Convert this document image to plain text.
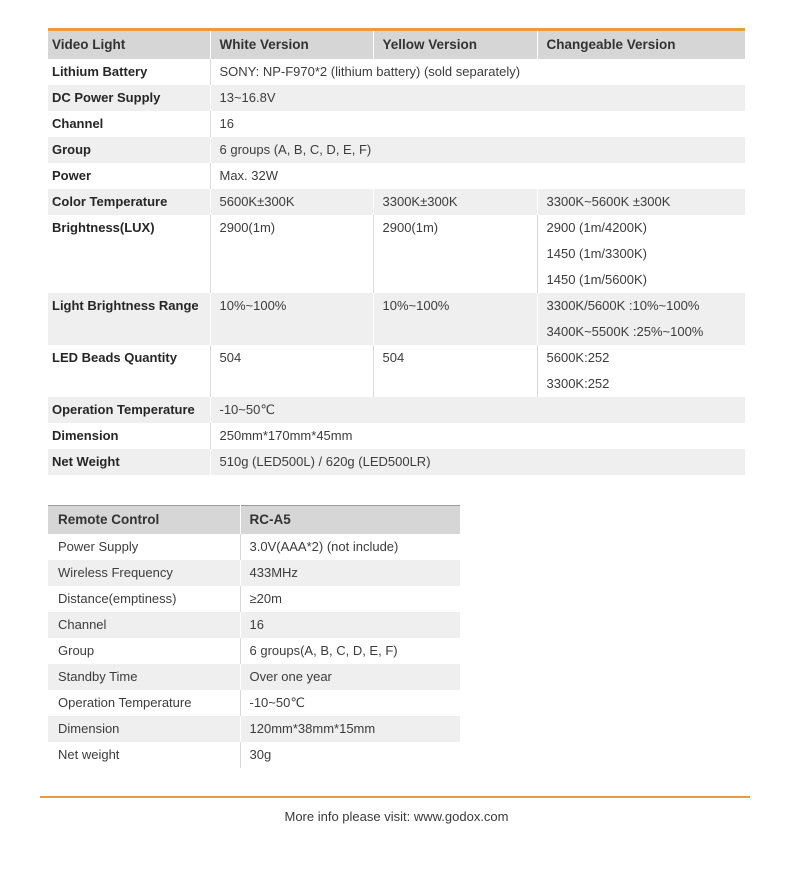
Video Light	White Version	Yellow Version	Changeable Version
Lithium Battery	SONY: NP-F970*2 (lithium battery) (sold separately)		
DC Power Supply	13~16.8V		
Channel	16		
Group	6 groups (A, B, C, D, E, F)		
Power	Max. 32W		
Color Temperature	5600K±300K	3300K±300K	3300K~5600K ±300K
Brightness(LUX)	2900(1m)	2900(1m)	2900 (1m/4200K)
1450 (1m/3300K)
1450 (1m/5600K)

Light Brightness Range	10%~100%	10%~100%	3300K/5600K :10%~100%
3400K~5500K :25%~100%

LED Beads Quantity	504	504	5600K:252
3300K:252

Operation Temperature	-10~50℃		
Dimension	250mm*170mm*45mm		
Net Weight	510g (LED500L) / 620g (LED500LR)		
Remote Control	RC-A5
Power Supply	3.0V(AAA*2) (not include)
Wireless Frequency	433MHz
Distance(emptiness)	≥20m
Channel	16
Group	6 groups(A, B, C, D, E, F)
Standby Time	Over one year
Operation Temperature	-10~50℃
Dimension	120mm*38mm*15mm
Net weight	30g

More info please visit: www.godox.com
